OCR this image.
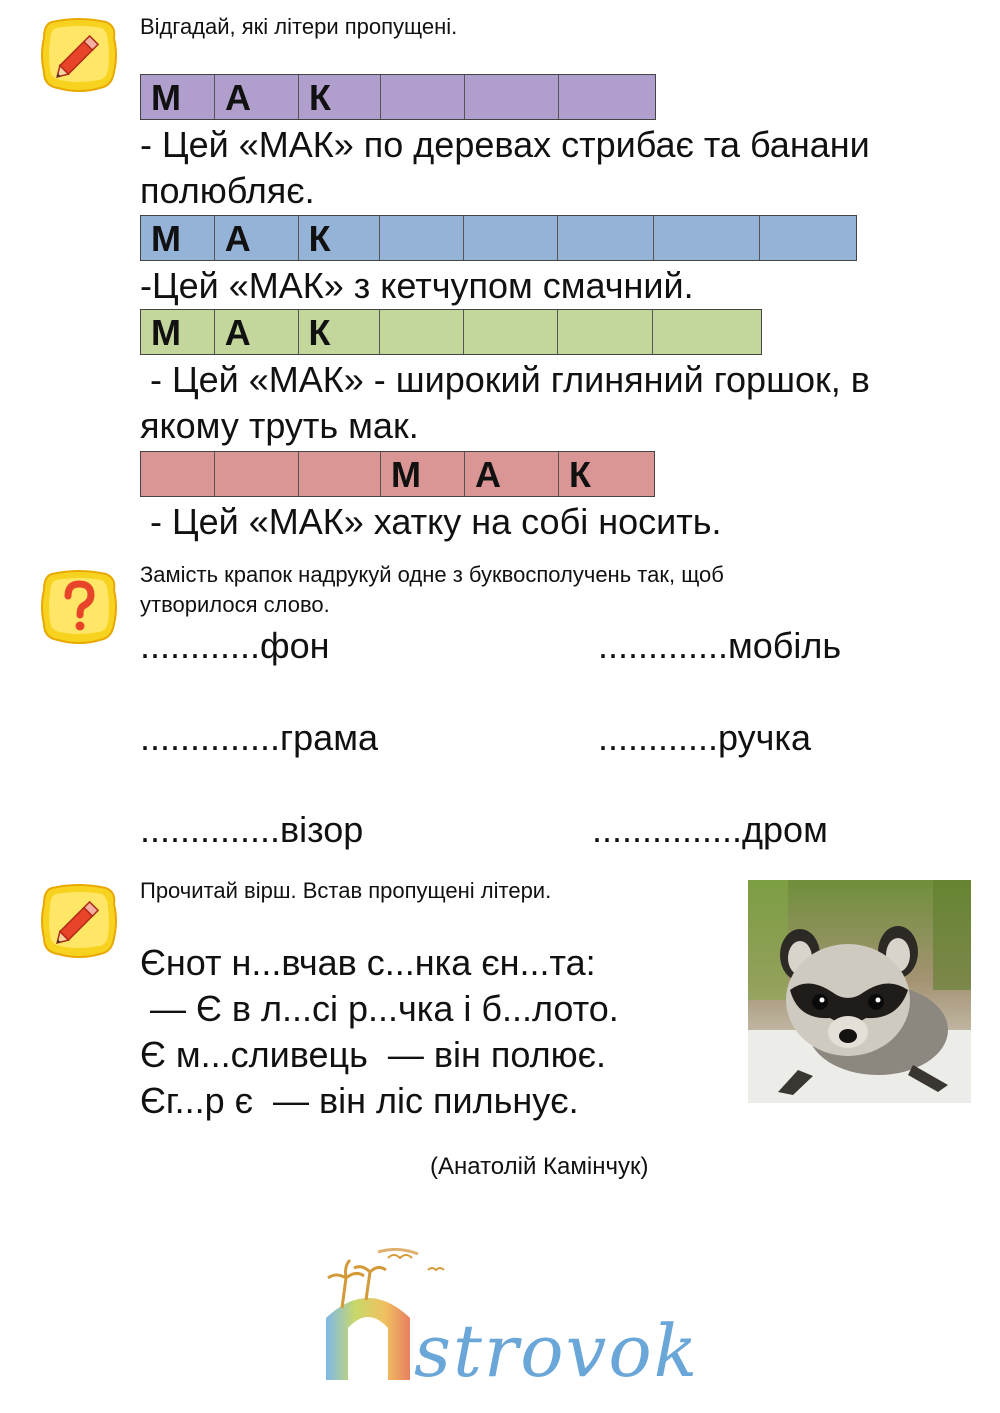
Відгадай, які літери пропущені.
М	А	К
- Цей «МАК» по деревах стрибає та банани
полюбляє.
М	А	К
-Цей «МАК» з кетчупом смачний.
М	А	К
- Цей «МАК» - широкий глиняний горшок, в
якому труть мак.
М	А	К
- Цей «МАК» хатку на собі носить.
Замість крапок надрукуй одне з буквосполучень так, щоб
утворилося слово.
............фон	.............мобіль
..............грама	............ручка
..............візор	...............дром
Прочитай вірш. Встав пропущені літери.
Єнот н...вчав с...нка єн...та:
— Є в л...сі р...чка і б...лото.
Є м...сливець  — він полює.
Єг...р є  — він ліс пильнує.
(Анатолій Камінчук)
strovok
